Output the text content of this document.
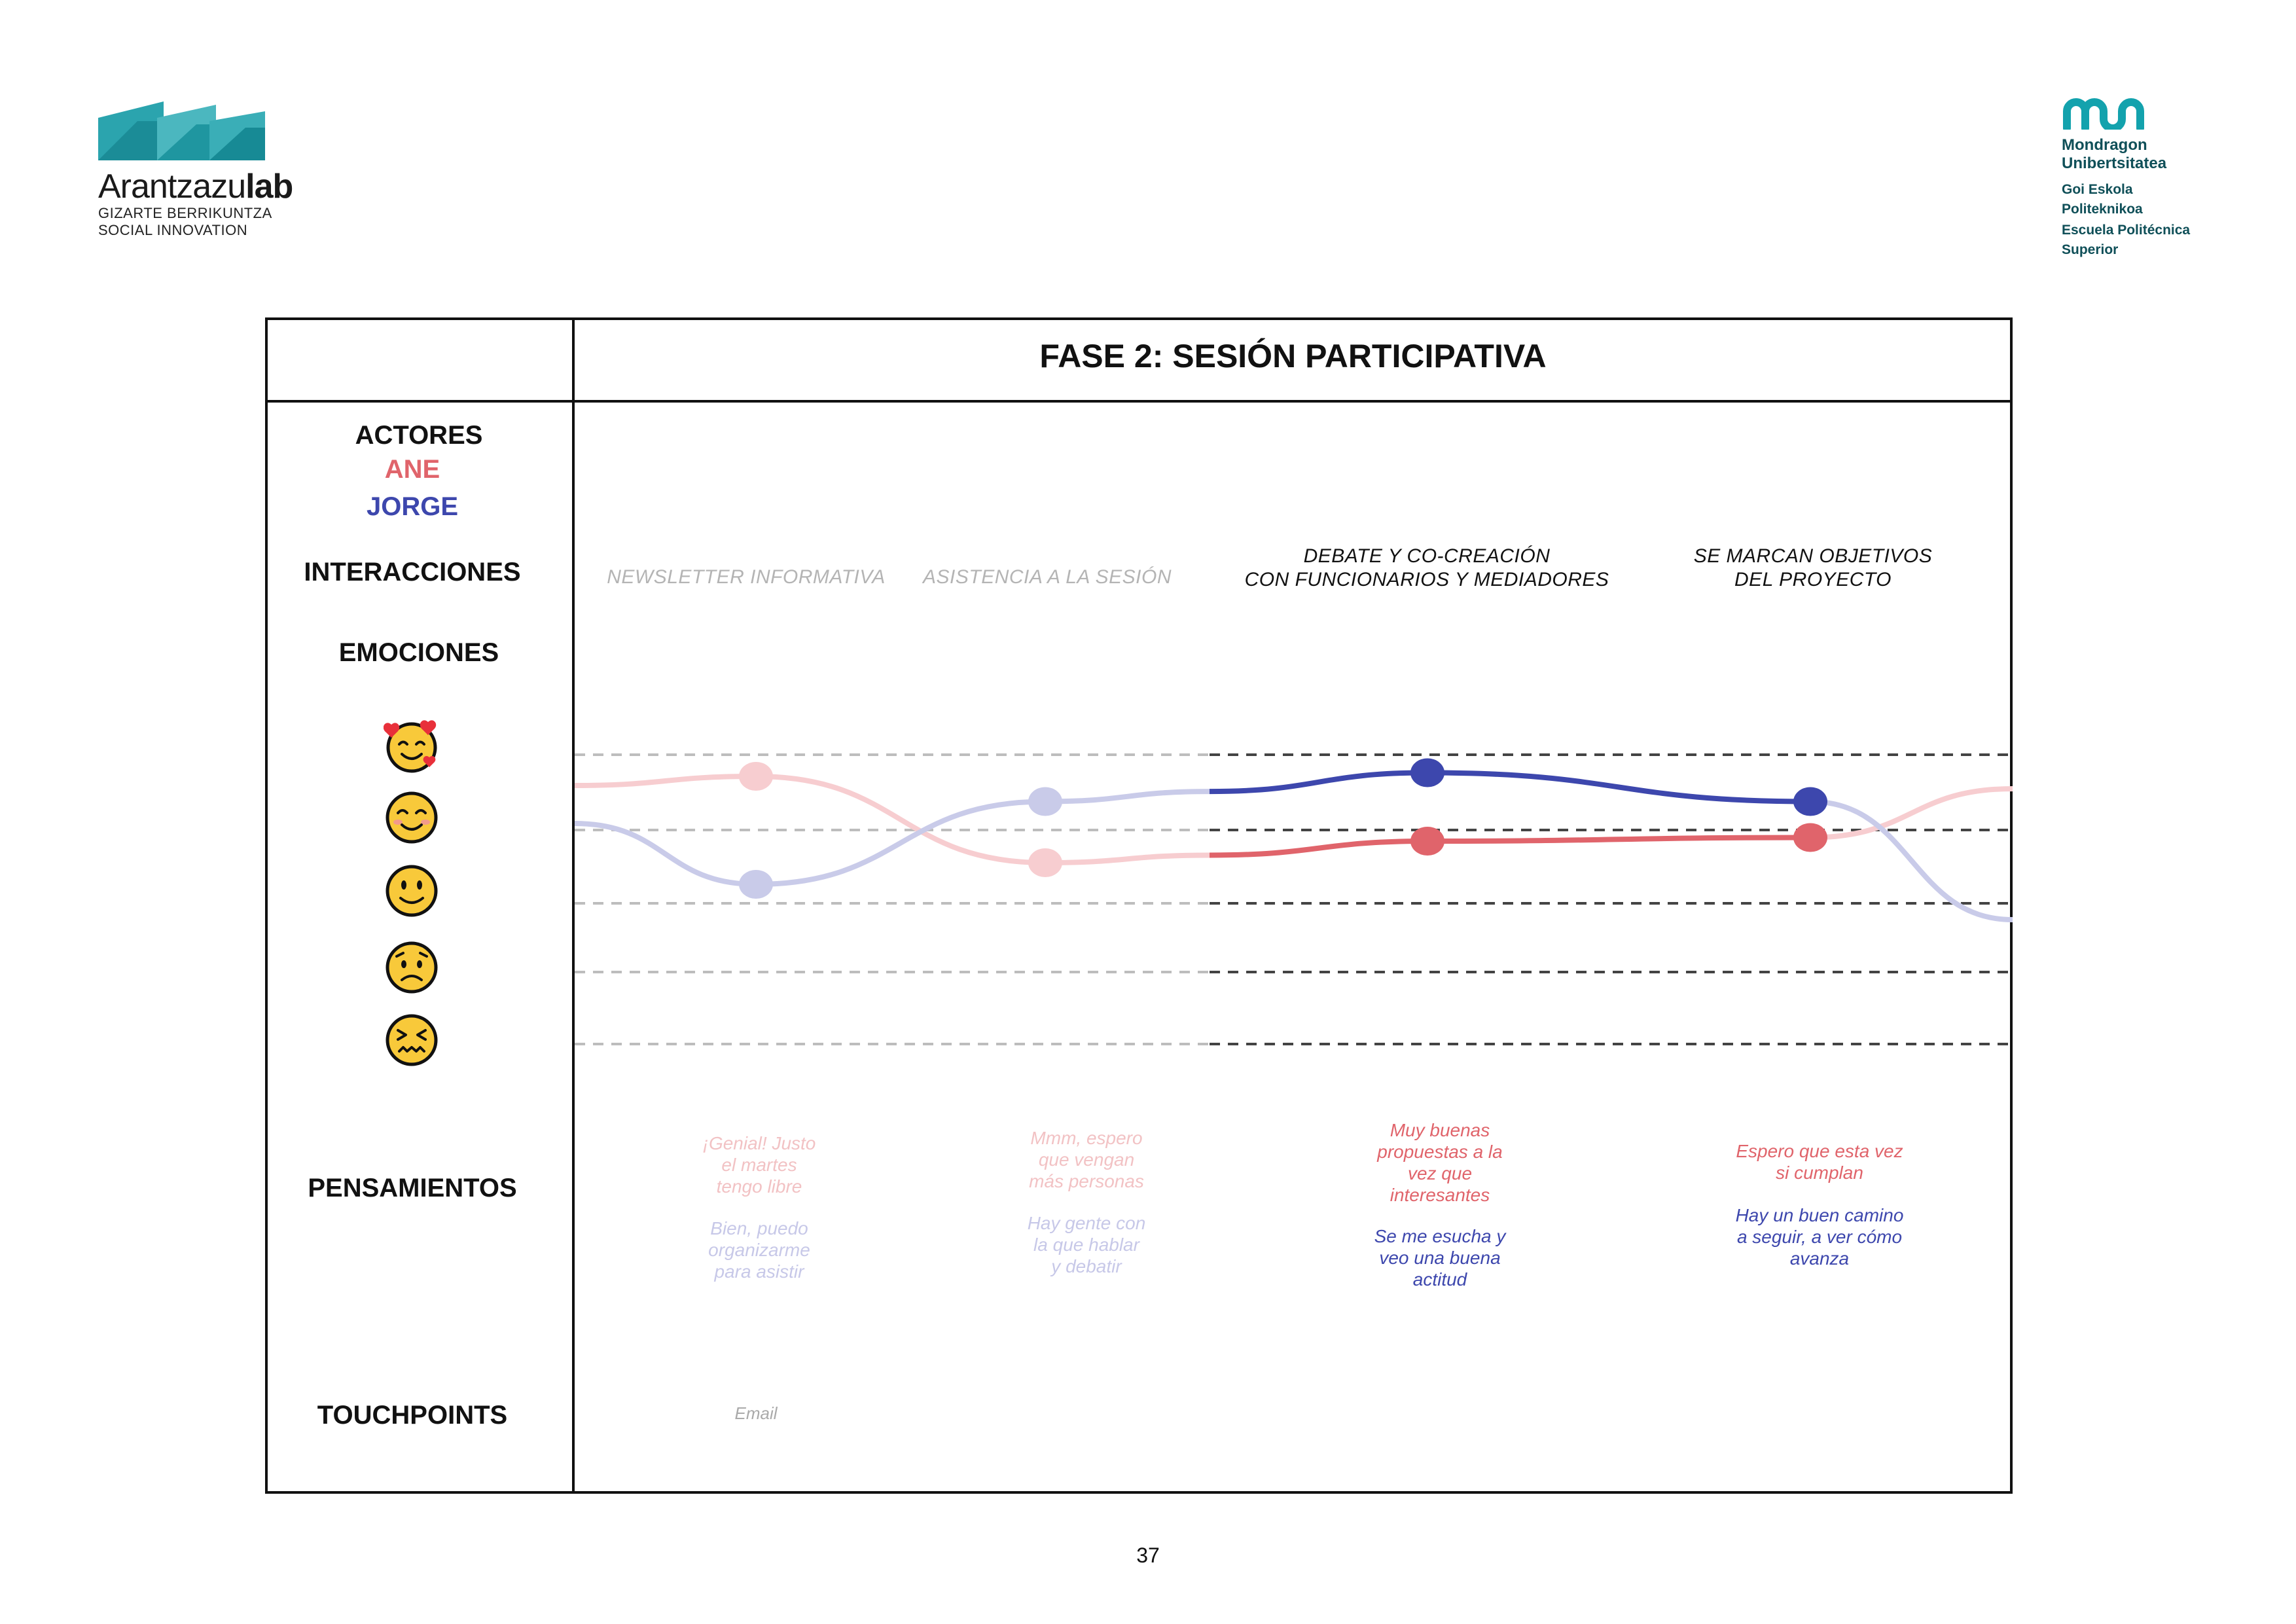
Arantzazulab
GIZARTE BERRIKUNTZA
SOCIAL INNOVATION
Mondragon
Unibertsitatea
Goi Eskola
Politeknikoa
Escuela Politécnica
Superior
FASE 2: SESIÓN PARTICIPATIVA
ACTORES
ANE
JORGE
INTERACCIONES
EMOCIONES
PENSAMIENTOS
TOUCHPOINTS
NEWSLETTER INFORMATIVA	ASISTENCIA A LA SESIÓN
DEBATE Y CO-CREACIÓN
CON FUNCIONARIOS Y MEDIADORES
SE MARCAN OBJETIVOS
DEL PROYECTO
¡Genial! Justo
el martes
tengo libre
Bien, puedo
organizarme
para asistir
Mmm, espero
que vengan
más personas
Hay gente con
la que hablar
y debatir
Muy buenas
propuestas a la
vez que
interesantes
Se me esucha y
veo una buena
actitud
Espero que esta vez
si cumplan
Hay un buen camino
a seguir, a ver cómo
avanza
Email
37
